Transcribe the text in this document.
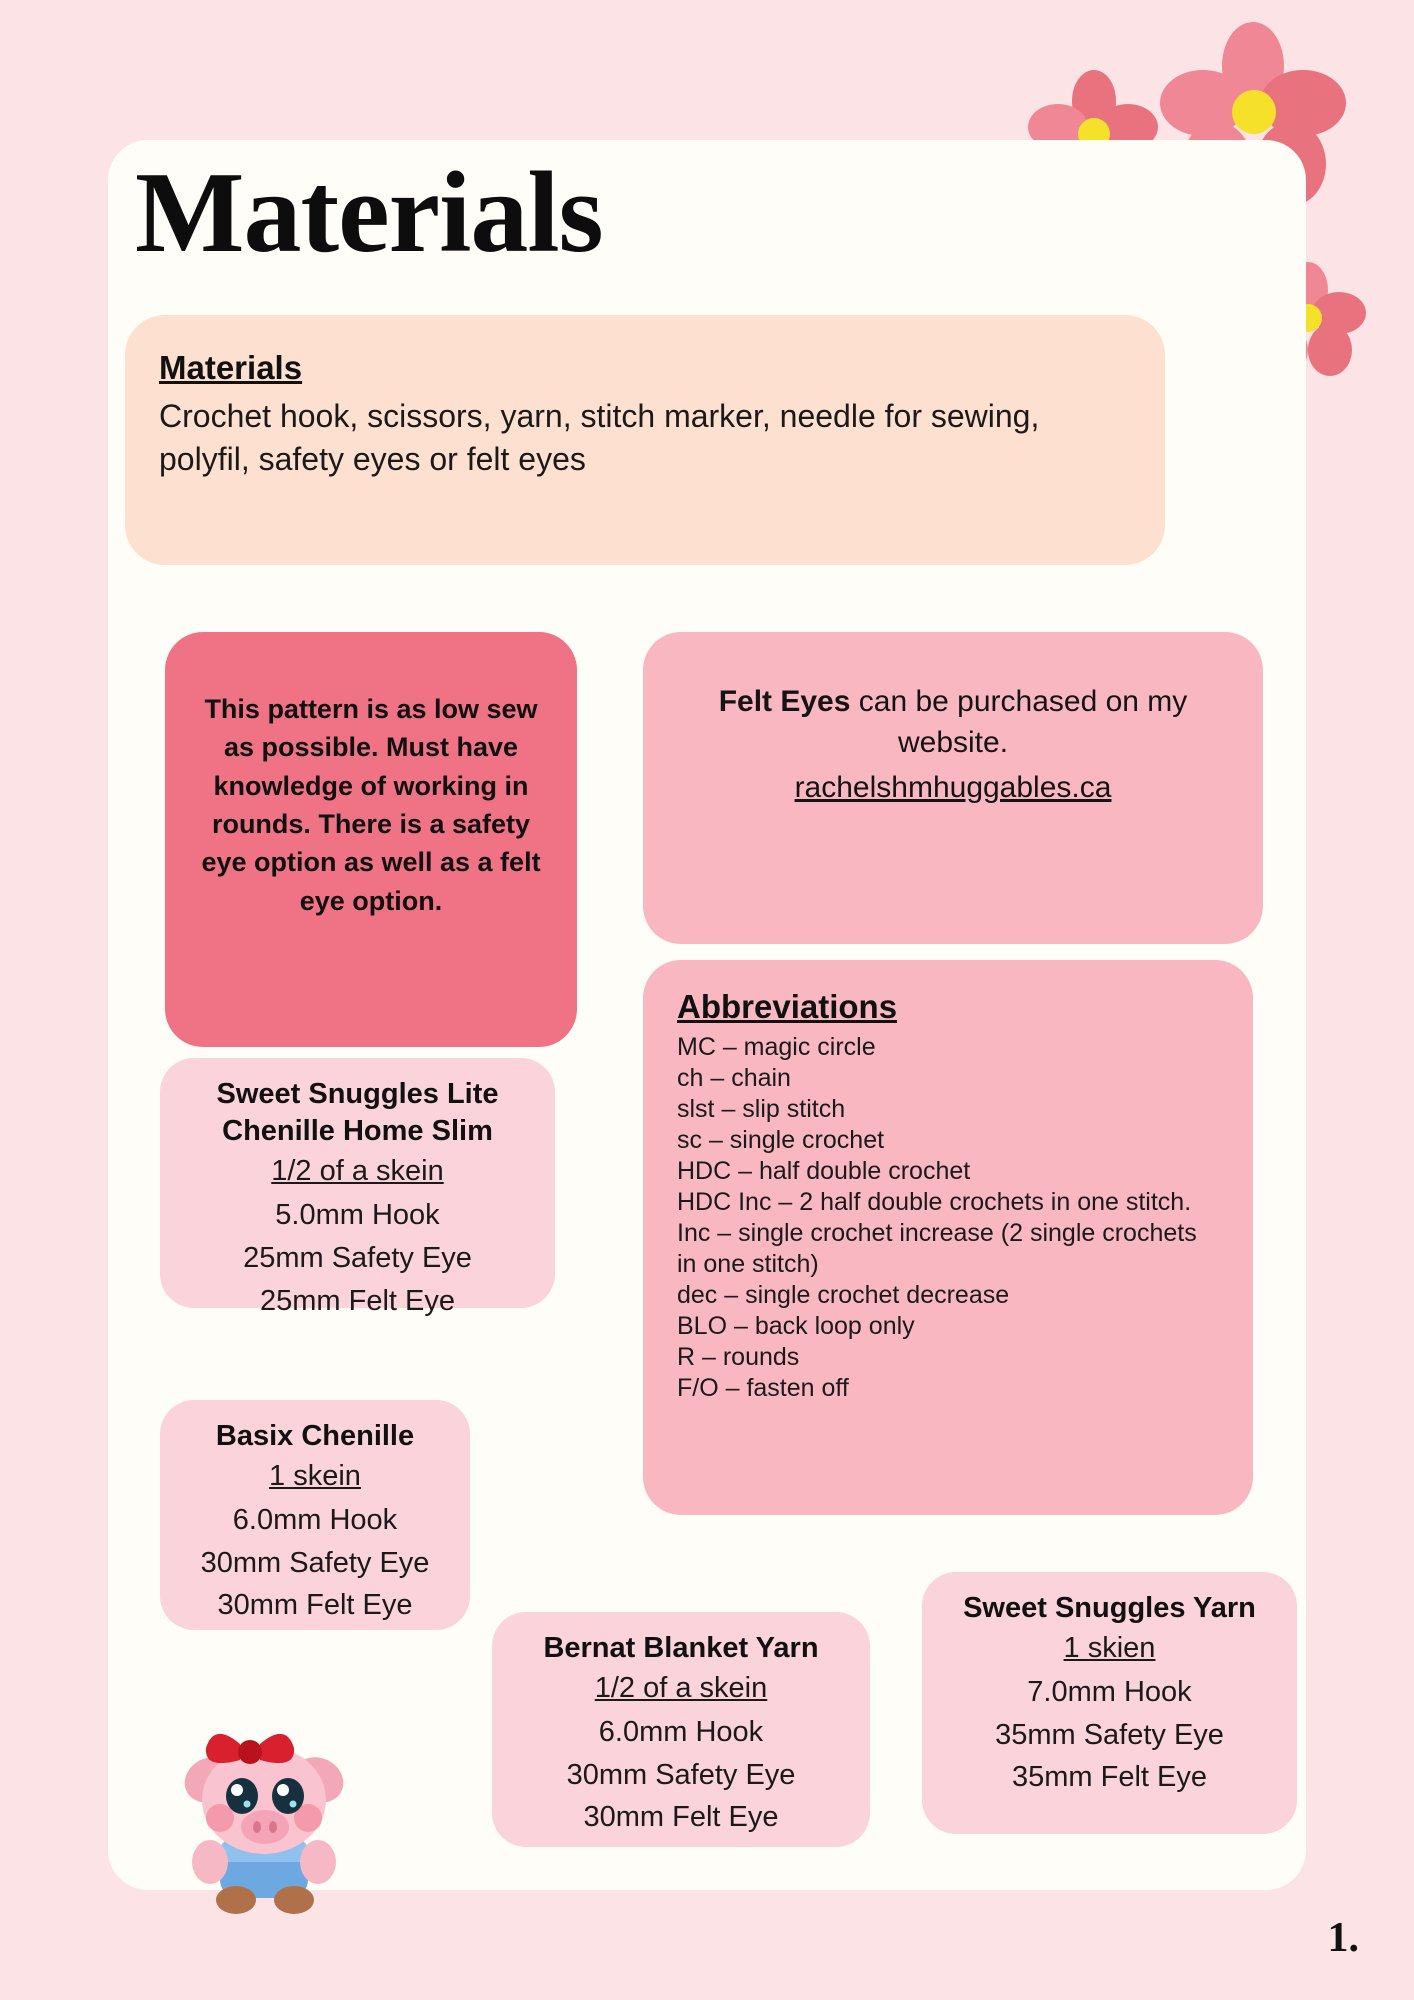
Materials
Materials
Crochet hook, scissors, yarn, stitch marker, needle for sewing, polyfil, safety eyes or felt eyes
This pattern is as low sew as possible. Must have knowledge of working in rounds. There is a safety eye option as well as a felt eye option.
Felt Eyes can be purchased on my website.
rachelshmhuggables.ca
Abbreviations
MC – magic circle
ch – chain
slst – slip stitch
sc – single crochet
HDC – half double crochet
HDC Inc – 2 half double crochets in one stitch.
Inc – single crochet increase (2 single crochets in one stitch)
dec – single crochet decrease
BLO – back loop only
R – rounds
F/O – fasten off
Sweet Snuggles Lite Chenille Home Slim
1/2 of a skein
5.0mm Hook
25mm Safety Eye
25mm Felt Eye
Basix Chenille
1 skein
6.0mm Hook
30mm Safety Eye
30mm Felt Eye
Bernat Blanket Yarn
1/2 of a skein
6.0mm Hook
30mm Safety Eye
30mm Felt Eye
Sweet Snuggles Yarn
1 skien
7.0mm Hook
35mm Safety Eye
35mm Felt Eye
1.
